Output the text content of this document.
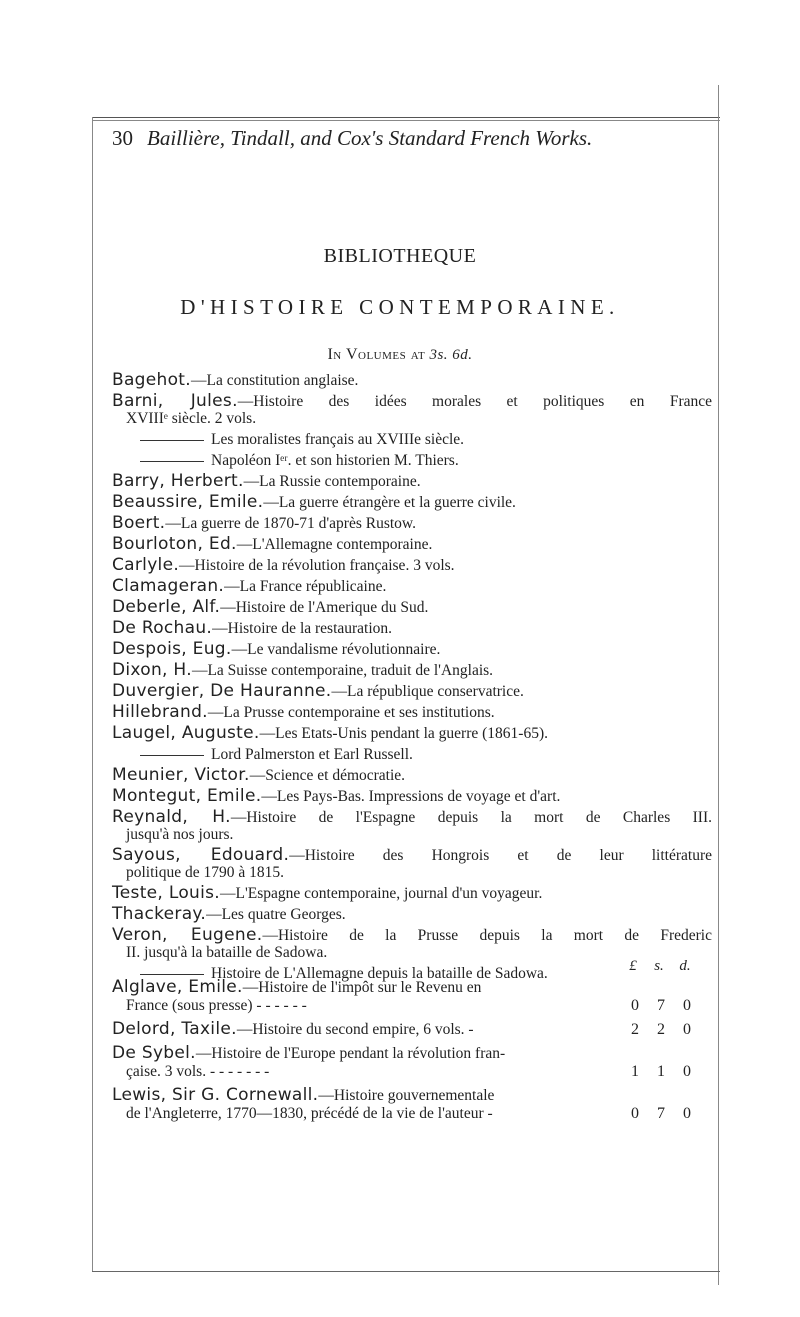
30 Baillière, Tindall, and Cox's Standard French Works.
BIBLIOTHEQUE
D'HISTOIRE CONTEMPORAINE.
In Volumes at 3s. 6d.
Bagehot.—La constitution anglaise.
Barni, Jules.—Histoire des idées morales et politiques en France
XVIIIᵉ siècle. 2 vols.
Les moralistes français au XVIIIe siècle.
Napoléon Iᵉʳ. et son historien M. Thiers.
Barry, Herbert.—La Russie contemporaine.
Beaussire, Emile.—La guerre étrangère et la guerre civile.
Boert.—La guerre de 1870-71 d'après Rustow.
Bourloton, Ed.—L'Allemagne contemporaine.
Carlyle.—Histoire de la révolution française. 3 vols.
Clamageran.—La France républicaine.
Deberle, Alf.—Histoire de l'Amerique du Sud.
De Rochau.—Histoire de la restauration.
Despois, Eug.—Le vandalisme révolutionnaire.
Dixon, H.—La Suisse contemporaine, traduit de l'Anglais.
Duvergier, De Hauranne.—La république conservatrice.
Hillebrand.—La Prusse contemporaine et ses institutions.
Laugel, Auguste.—Les Etats-Unis pendant la guerre (1861-65).
Lord Palmerston et Earl Russell.
Meunier, Victor.—Science et démocratie.
Montegut, Emile.—Les Pays-Bas. Impressions de voyage et d'art.
Reynald, H.—Histoire de l'Espagne depuis la mort de Charles III.
jusqu'à nos jours.
Sayous, Edouard.—Histoire des Hongrois et de leur littérature
politique de 1790 à 1815.
Teste, Louis.—L'Espagne contemporaine, journal d'un voyageur.
Thackeray.—Les quatre Georges.
Veron, Eugene.—Histoire de la Prusse depuis la mort de Frederic
II. jusqu'à la bataille de Sadowa.
Histoire de L'Allemagne depuis la bataille de Sadowa.	£ s. d.
Alglave, Emile.—Histoire de l'impôt sur le Revenu en
France (sous presse) - - - - - -	0 7 0
Delord, Taxile.—Histoire du second empire, 6 vols. -	2 2 0
De Sybel.—Histoire de l'Europe pendant la révolution fran-
çaise. 3 vols. - - - - - - -	1 1 0
Lewis, Sir G. Cornewall.—Histoire gouvernementale
de l'Angleterre, 1770—1830, précédé de la vie de l'auteur -	0 7 0
